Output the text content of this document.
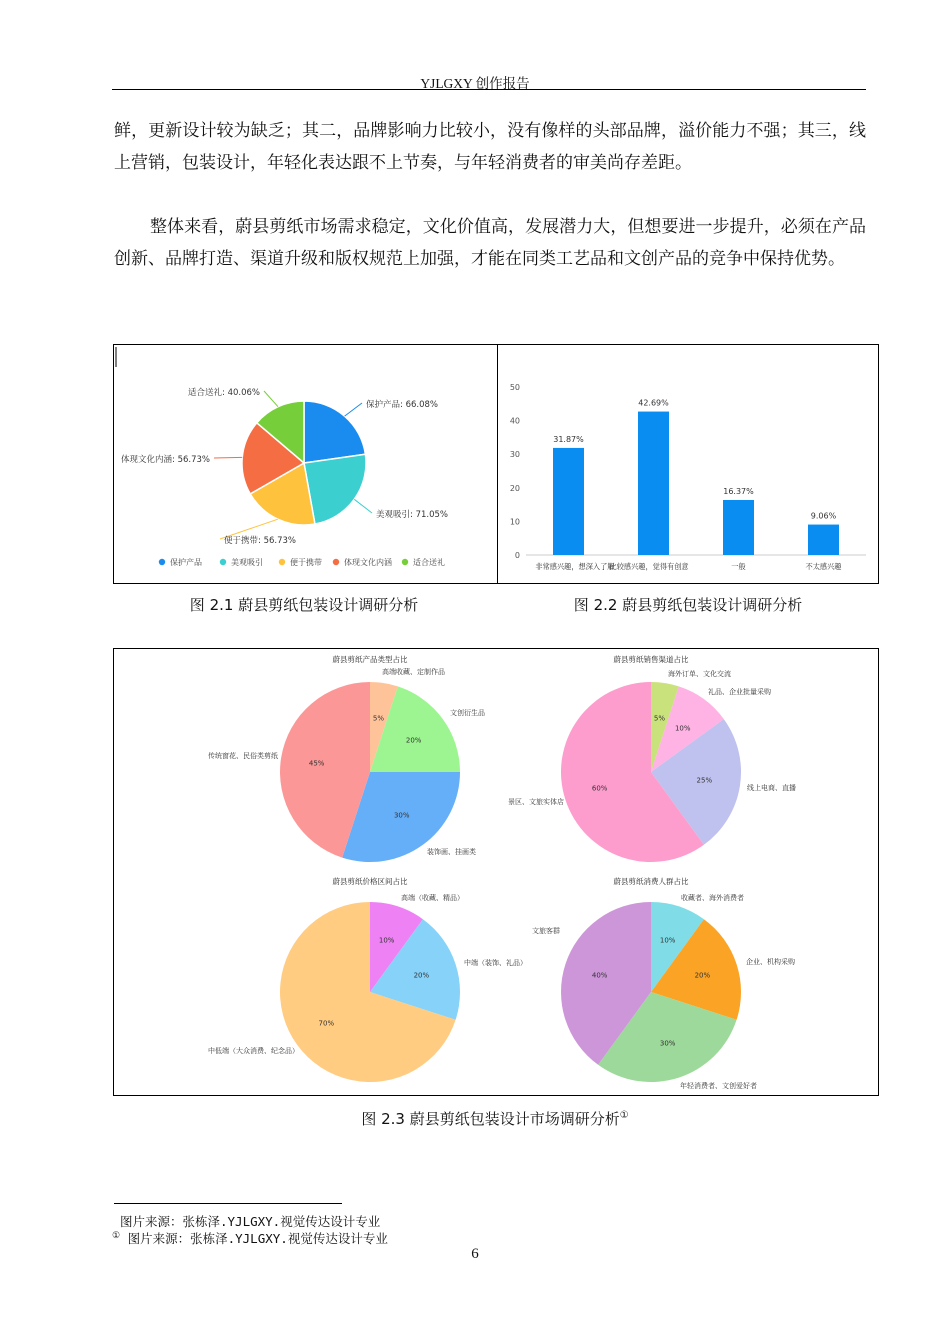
YJLGXY 创作报告

鲜，更新设计较为缺乏；其二，品牌影响力比较小，没有像样的头部品牌，溢价能力不强；其三，线上营销，包装设计，年轻化表达跟不上节奏，与年轻消费者的审美尚存差距。

整体来看，蔚县剪纸市场需求稳定，文化价值高，发展潜力大，但想要进一步提升，必须在产品创新、品牌打造、渠道升级和版权规范上加强，才能在同类工艺品和文创产品的竞争中保持优势。

保护产品: 66.08%
美观吸引: 71.05%
便于携带: 56.73%
体现文化内涵: 56.73%
适合送礼: 40.06%
保护产品	美观吸引	便于携带	体现文化内涵	适合送礼
0
10
20
30
40
50
31.87%
42.69%
16.37%
9.06%
非常感兴趣，想深入了解
比较感兴趣，觉得有创意	一般	不太感兴趣
图 2.1 蔚县剪纸包装设计调研分析	图 2.2 蔚县剪纸包装设计调研分析
蔚县剪纸产品类型占比
5%
高端收藏、定制作品
20%
文创衍生品
30%
装饰画、挂画类
45%
传统窗花、民俗类剪纸
蔚县剪纸销售渠道占比
5%
海外订单、文化交流
10%
礼品、企业批量采购
25%
线上电商、直播
60%
景区、文旅实体店
蔚县剪纸价格区间占比
10%
高端（收藏、精品）
20%
中端（装饰、礼品）
70%
中低端（大众消费、纪念品）
蔚县剪纸消费人群占比
10%
收藏者、海外消费者
20%
企业、机构采购
30%
年轻消费者、文创爱好者
40%
文旅客群
图 2.3 蔚县剪纸包装设计市场调研分析①
图片来源：张栋泽.YJLGXY.视觉传达设计专业
① 图片来源：张栋泽.YJLGXY.视觉传达设计专业
6
